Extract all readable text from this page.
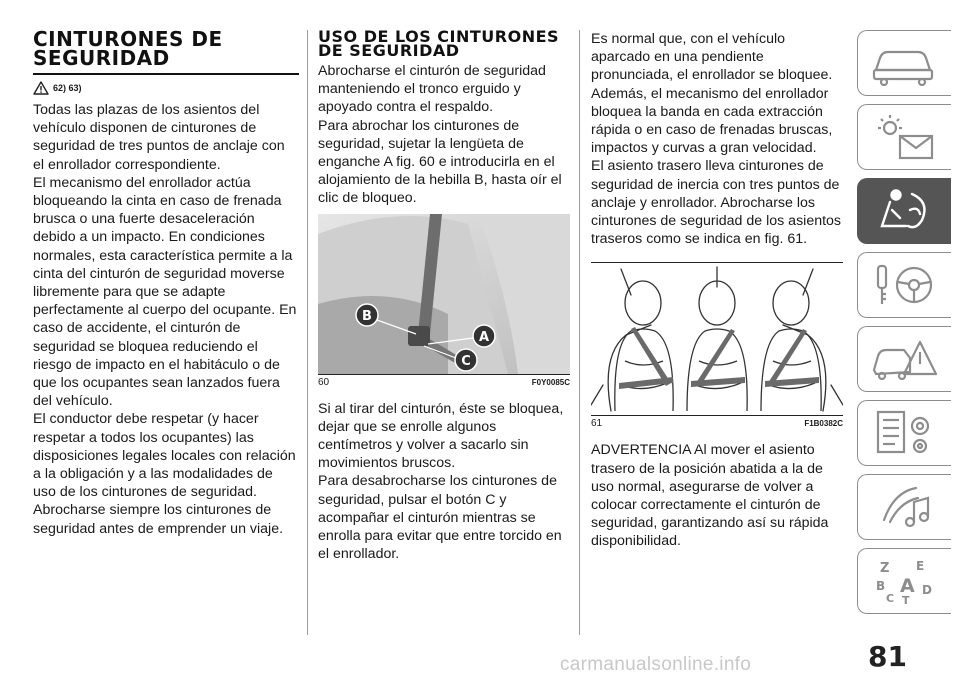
CINTURONES DE SEGURIDAD
62) 63)

Todas las plazas de los asientos del vehículo disponen de cinturones de seguridad de tres puntos de anclaje con el enrollador correspondiente.
El mecanismo del enrollador actúa bloqueando la cinta en caso de frenada brusca o una fuerte desaceleración debido a un impacto. En condiciones normales, esta característica permite a la cinta del cinturón de seguridad moverse libremente para que se adapte perfectamente al cuerpo del ocupante. En caso de accidente, el cinturón de seguridad se bloquea reduciendo el riesgo de impacto en el habitáculo o de que los ocupantes sean lanzados fuera del vehículo.
El conductor debe respetar (y hacer respetar a todos los ocupantes) las disposiciones legales locales con relación a la obligación y a las modalidades de uso de los cinturones de seguridad.
Abrocharse siempre los cinturones de seguridad antes de emprender un viaje.

USO DE LOS CINTURONES DE SEGURIDAD

Abrocharse el cinturón de seguridad manteniendo el tronco erguido y apoyado contra el respaldo.
Para abrochar los cinturones de seguridad, sujetar la lengüeta de enganche A fig. 60 e introducirla en el alojamiento de la hebilla B, hasta oír el clic de bloqueo.

B
A
C
60	F0Y0085C

Si al tirar del cinturón, éste se bloquea, dejar que se enrolle algunos centímetros y volver a sacarlo sin movimientos bruscos.
Para desabrocharse los cinturones de seguridad, pulsar el botón C y acompañar el cinturón mientras se enrolla para evitar que entre torcido en el enrollador.

Es normal que, con el vehículo aparcado en una pendiente pronunciada, el enrollador se bloquee. Además, el mecanismo del enrollador bloquea la banda en cada extracción rápida o en caso de frenadas bruscas, impactos y curvas a gran velocidad.
El asiento trasero lleva cinturones de seguridad de inercia con tres puntos de anclaje y enrollador. Abrocharse los cinturones de seguridad de los asientos traseros como se indica en fig. 61.

61	F1B0382C

ADVERTENCIA Al mover el asiento trasero de la posición abatida a la de uso normal, asegurarse de volver a colocar correctamente el cinturón de seguridad, garantizando así su rápida disponibilidad.

Z E
B A D
C T
81
carmanualsonline.info
